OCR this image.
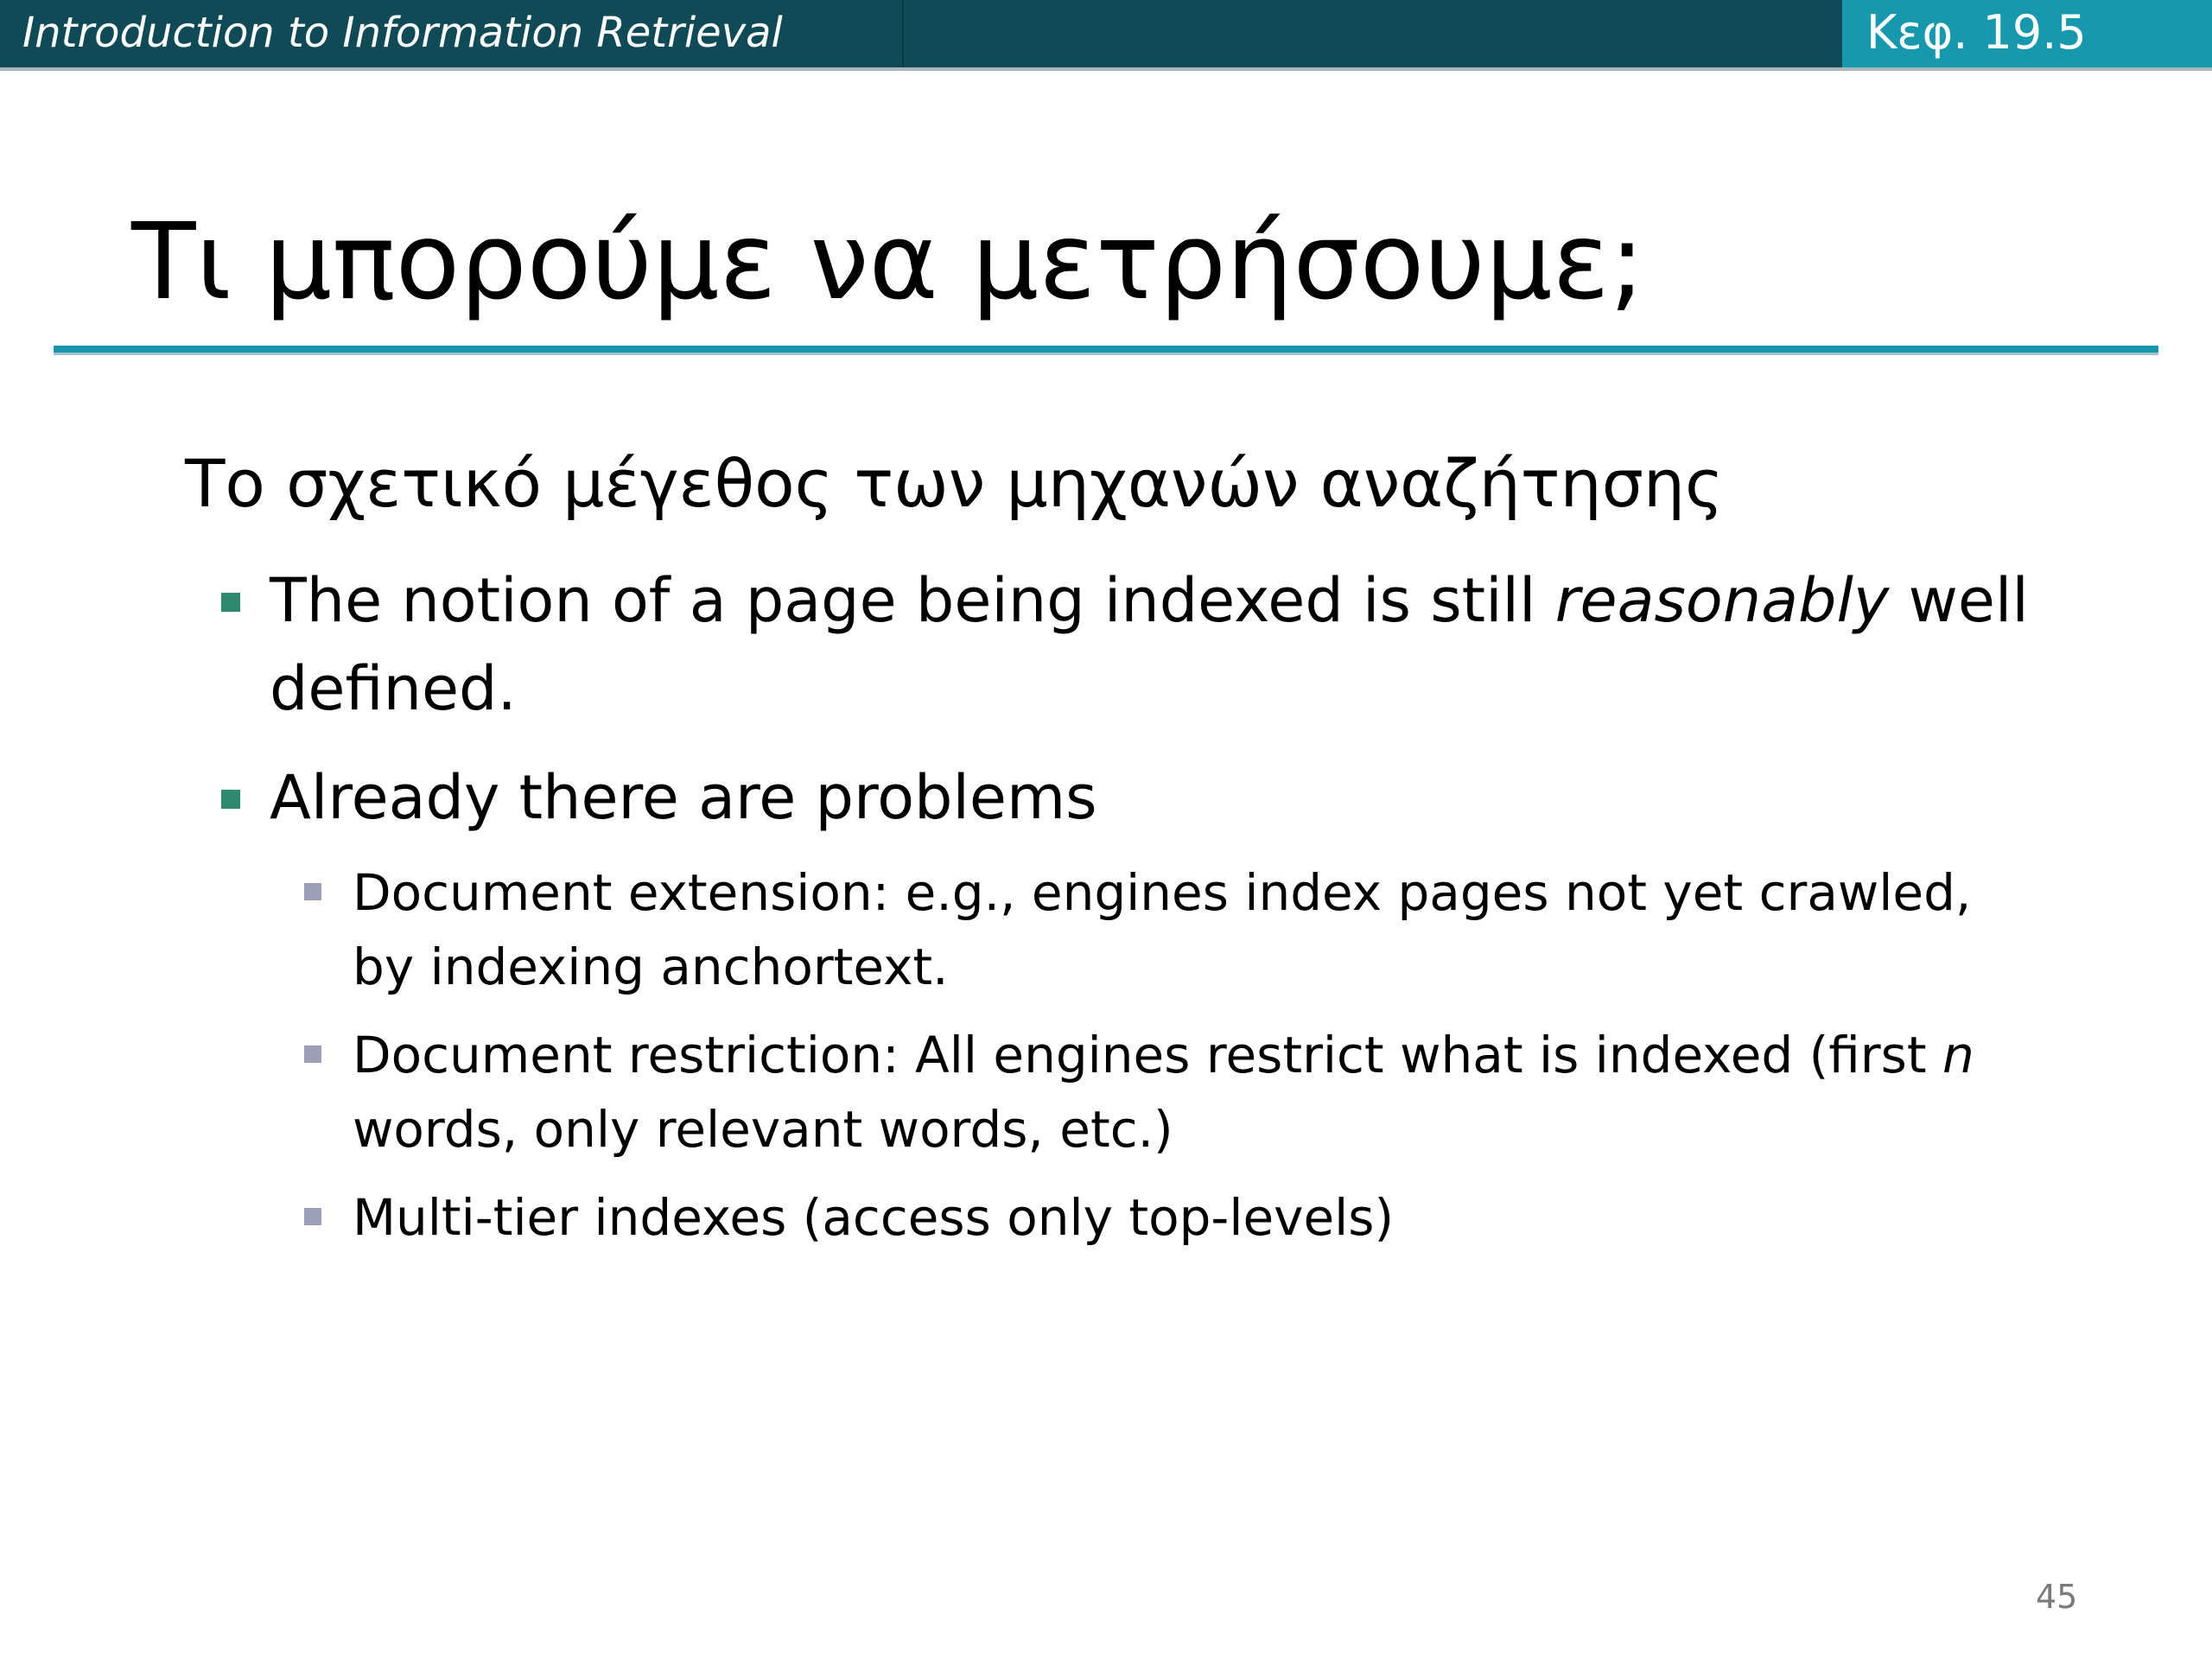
Introduction to Information Retrieval	Κεφ. 19.5
Τι μπορούμε να μετρήσουμε;
Το σχετικό μέγεθος των μηχανών αναζήτησης
The notion of a page being indexed is still reasonably well defined.
Already there are problems
Document extension: e.g., engines index pages not yet crawled, by indexing anchortext.
Document restriction: All engines restrict what is indexed (first n words, only relevant words, etc.)
Multi-tier indexes (access only top-levels)
45
